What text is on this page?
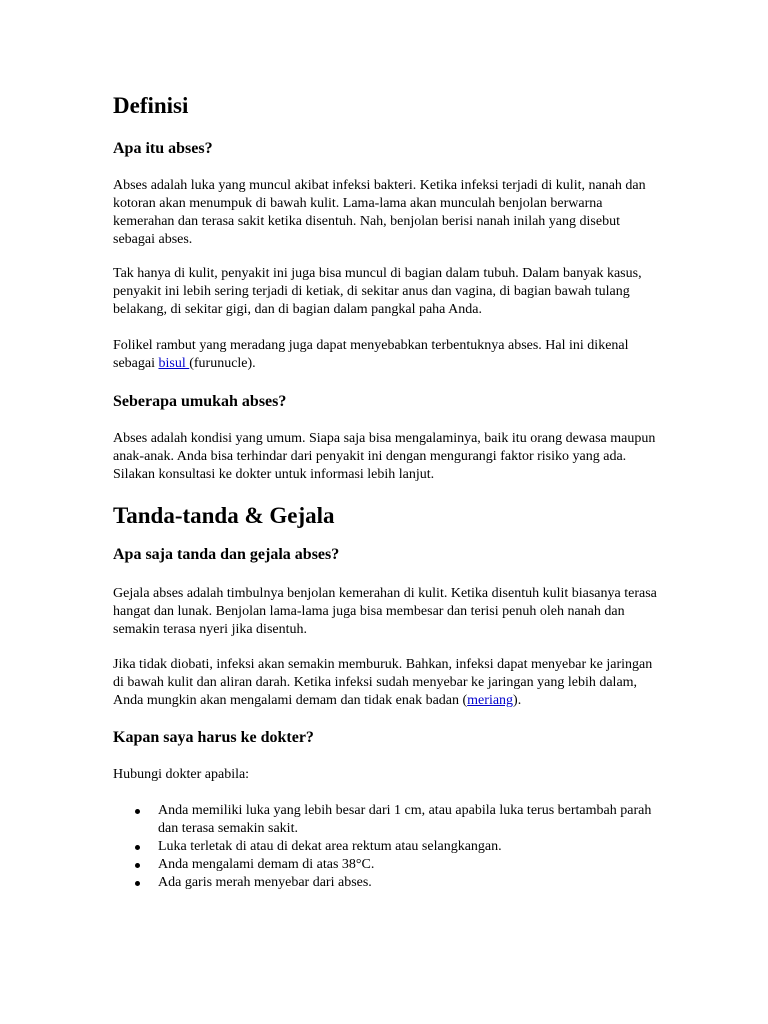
Definisi
Apa itu abses?

Abses adalah luka yang muncul akibat infeksi bakteri. Ketika infeksi terjadi di kulit, nanah dan kotoran akan menumpuk di bawah kulit. Lama-lama akan munculah benjolan berwarna kemerahan dan terasa sakit ketika disentuh. Nah, benjolan berisi nanah inilah yang disebut sebagai abses.

Tak hanya di kulit, penyakit ini juga bisa muncul di bagian dalam tubuh. Dalam banyak kasus, penyakit ini lebih sering terjadi di ketiak, di sekitar anus dan vagina, di bagian bawah tulang belakang, di sekitar gigi, dan di bagian dalam pangkal paha Anda.

Folikel rambut yang meradang juga dapat menyebabkan terbentuknya abses. Hal ini dikenal sebagai bisul (furunucle).

Seberapa umukah abses?

Abses adalah kondisi yang umum. Siapa saja bisa mengalaminya, baik itu orang dewasa maupun anak-anak. Anda bisa terhindar dari penyakit ini dengan mengurangi faktor risiko yang ada. Silakan konsultasi ke dokter untuk informasi lebih lanjut.

Tanda-tanda & Gejala
Apa saja tanda dan gejala abses?

Gejala abses adalah timbulnya benjolan kemerahan di kulit. Ketika disentuh kulit biasanya terasa hangat dan lunak. Benjolan lama-lama juga bisa membesar dan terisi penuh oleh nanah dan semakin terasa nyeri jika disentuh.

Jika tidak diobati, infeksi akan semakin memburuk. Bahkan, infeksi dapat menyebar ke jaringan di bawah kulit dan aliran darah. Ketika infeksi sudah menyebar ke jaringan yang lebih dalam, Anda mungkin akan mengalami demam dan tidak enak badan (meriang).

Kapan saya harus ke dokter?

Hubungi dokter apabila:

Anda memiliki luka yang lebih besar dari 1 cm, atau apabila luka terus bertambah parah dan terasa semakin sakit.
Luka terletak di atau di dekat area rektum atau selangkangan.
Anda mengalami demam di atas 38°C.
Ada garis merah menyebar dari abses.
